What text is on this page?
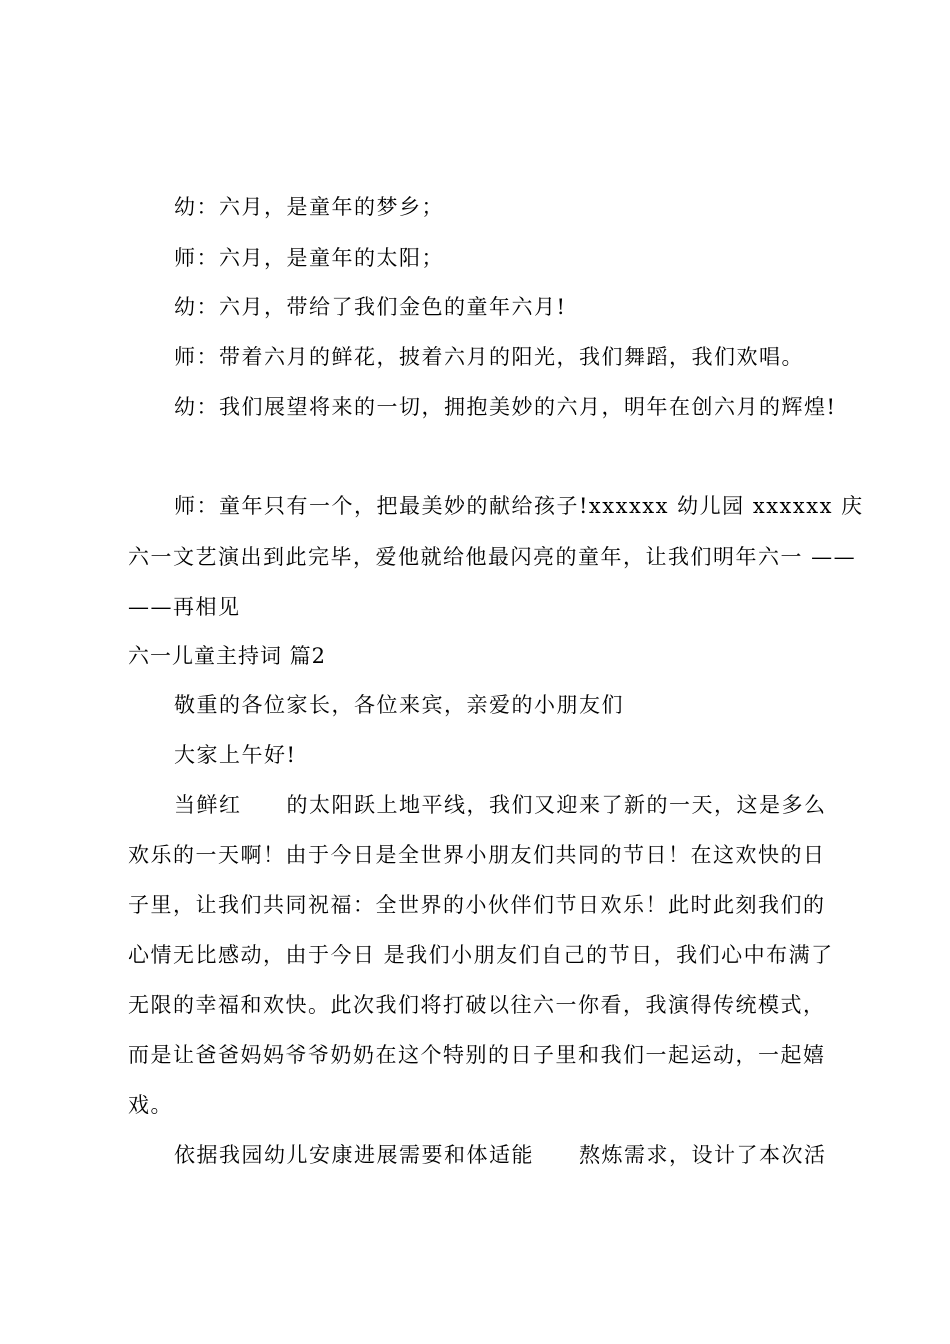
幼：六月，是童年的梦乡；
师：六月，是童年的太阳；
幼：六月，带给了我们金色的童年六月!
师：带着六月的鲜花，披着六月的阳光，我们舞蹈，我们欢唱。
幼：我们展望将来的一切，拥抱美妙的六月，明年在创六月的辉煌!
师：童年只有一个，把最美妙的献给孩子!xxxxxx 幼儿园 xxxxxx 庆
六一文艺演出到此完毕，爱他就给他最闪亮的童年，让我们明年六一 ——
——再相见
六一儿童主持词 篇2
敬重的各位家长，各位来宾，亲爱的小朋友们
大家上午好!
当鲜红　　的太阳跃上地平线，我们又迎来了新的一天，这是多么
欢乐的一天啊！由于今日是全世界小朋友们共同的节日！在这欢快的日
子里，让我们共同祝福：全世界的小伙伴们节日欢乐！此时此刻我们的
心情无比感动，由于今日 是我们小朋友们自己的节日，我们心中布满了
无限的幸福和欢快。此次我们将打破以往六一你看，我演得传统模式，
而是让爸爸妈妈爷爷奶奶在这个特别的日子里和我们一起运动，一起嬉
戏。
依据我园幼儿安康进展需要和体适能　　熬炼需求，设计了本次活
